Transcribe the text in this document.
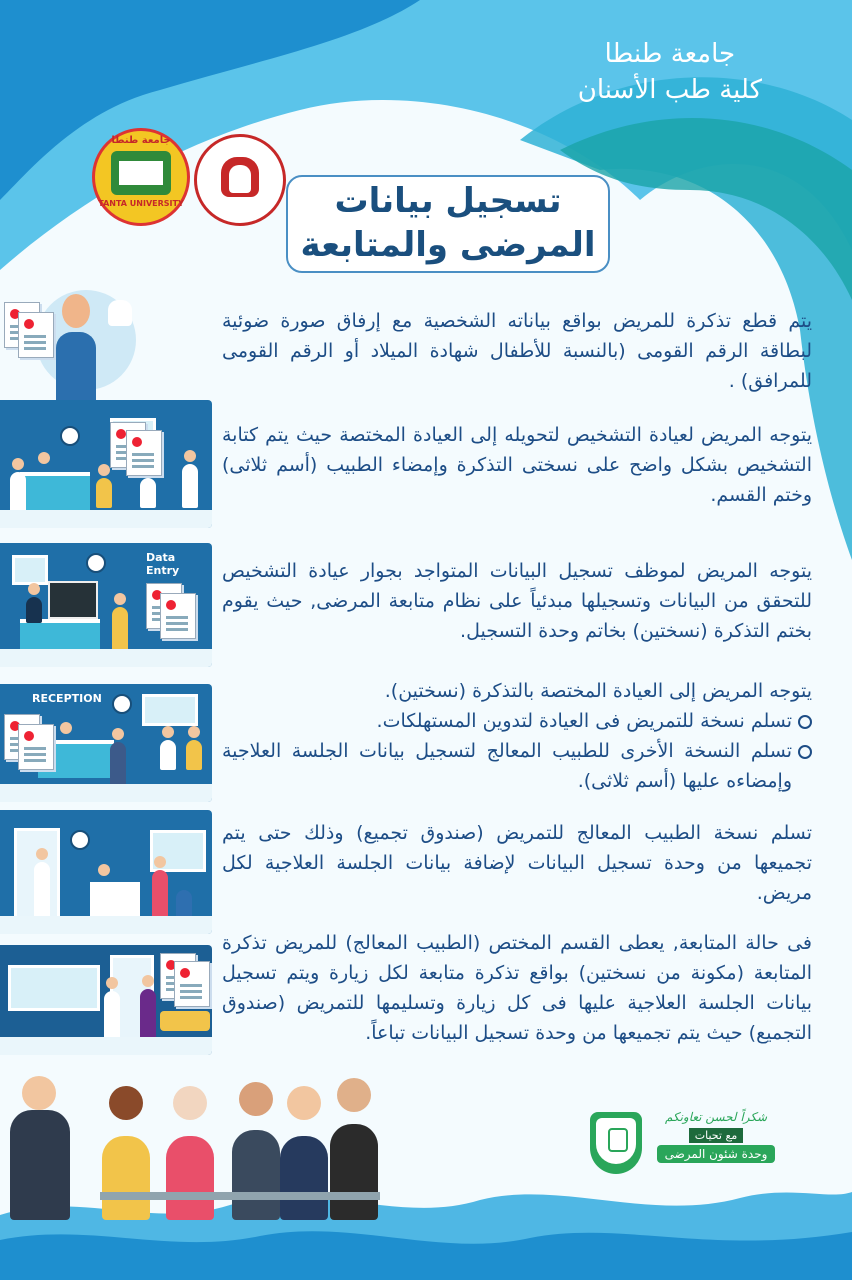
جامعة طنطا
كلية طب الأسنان
جامعة طنطا
TANTA UNIVERSITY	تسجيل بيانات
المرضى والمتابعة
Data Entry
RECEPTION
يتم قطع تذكرة للمريض بواقع بياناته الشخصية مع إرفاق صورة ضوئية لبطاقة الرقم القومى (بالنسبة للأطفال شهادة الميلاد أو الرقم القومى للمرافق) .
يتوجه المريض لعيادة التشخيص لتحويله إلى العيادة المختصة حيث يتم كتابة التشخيص بشكل واضح على نسختى التذكرة وإمضاء الطبيب (أسم ثلاثى) وختم القسم.
يتوجه المريض لموظف تسجيل البيانات المتواجد بجوار عيادة التشخيص للتحقق من البيانات وتسجيلها مبدئياً على نظام متابعة المرضى, حيث يقوم بختم التذكرة (نسختين) بخاتم وحدة التسجيل.
يتوجه المريض إلى العيادة المختصة بالتذكرة (نسختين).
تسلم نسخة للتمريض فى العيادة لتدوين المستهلكات.
تسلم النسخة الأخرى للطبيب المعالج لتسجيل بيانات الجلسة العلاجية وإمضاءه عليها (أسم ثلاثى).
تسلم نسخة الطبيب المعالج للتمريض (صندوق تجميع) وذلك حتى يتم تجميعها من وحدة تسجيل البيانات لإضافة بيانات الجلسة العلاجية لكل مريض.
فى حالة المتابعة, يعطى القسم المختص (الطبيب المعالج) للمريض تذكرة المتابعة (مكونة من نسختين) بواقع تذكرة متابعة لكل زيارة ويتم تسجيل بيانات الجلسة العلاجية عليها فى كل زيارة وتسليمها للتمريض (صندوق التجميع) حيث يتم تجميعها من وحدة تسجيل البيانات تباعاً.
شكراً لحسن تعاونكم
مع تحيات
وحدة شئون المرضى
